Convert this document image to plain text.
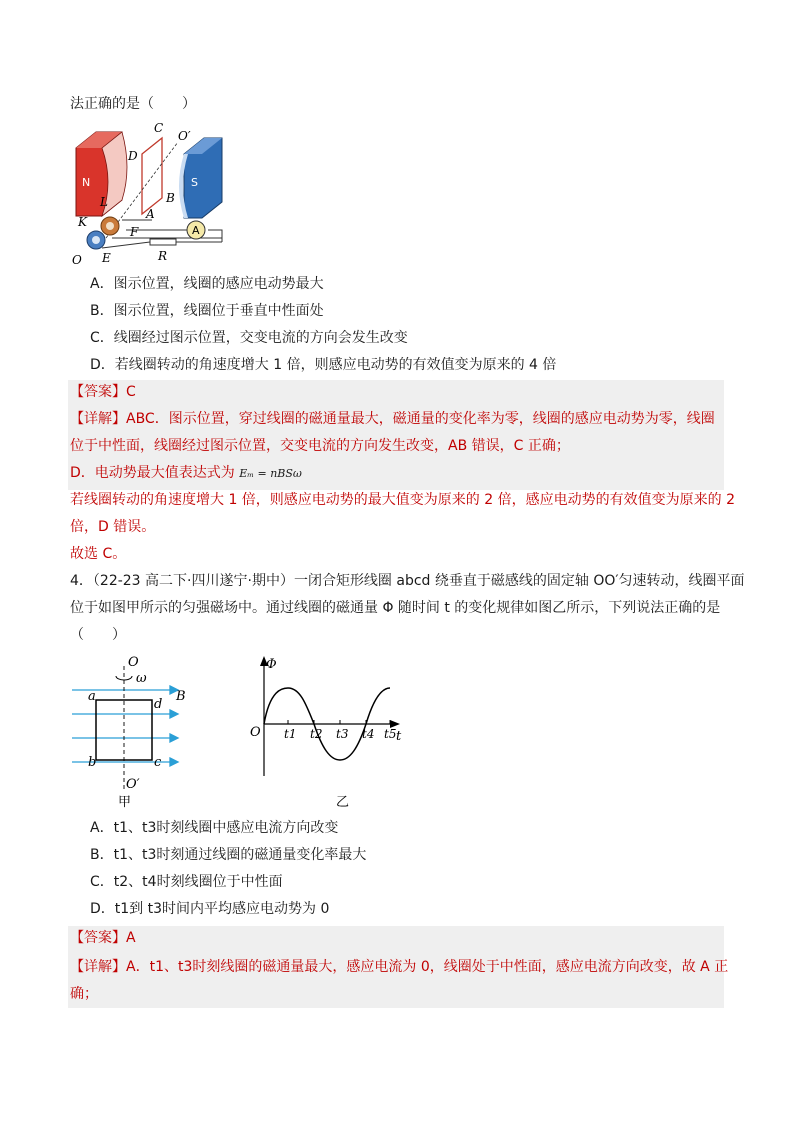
法正确的是（　　）
C
O′
D
N	S
B
L
K
A
F	A
O E	R
A．图示位置，线圈的感应电动势最大
B．图示位置，线圈位于垂直中性面处
C．线圈经过图示位置，交变电流的方向会发生改变
D．若线圈转动的角速度增大 1 倍，则感应电动势的有效值变为原来的 4 倍
【答案】C
【详解】ABC．图示位置，穿过线圈的磁通量最大，磁通量的变化率为零，线圈的感应电动势为零，线圈
位于中性面，线圈经过图示位置，交变电流的方向发生改变，AB 错误，C 正确；
D．电动势最大值表达式为 Eₘ = nBSω
若线圈转动的角速度增大 1 倍，则感应电动势的最大值变为原来的 2 倍，感应电动势的有效值变为原来的 2
倍，D 错误。
故选 C。
4．（22-23 高二下·四川遂宁·期中）一闭合矩形线圈 abcd 绕垂直于磁感线的固定轴 OO′匀速转动，线圈平面
位于如图甲所示的匀强磁场中。通过线圈的磁通量 Φ 随时间 t 的变化规律如图乙所示，下列说法正确的是
（　　）
O
ω
a
d
b	c
B
O′
甲
Φ
O	t
t1 t2 t3 t4 t5
乙
A．t1、t3时刻线圈中感应电流方向改变
B．t1、t3时刻通过线圈的磁通量变化率最大
C．t2、t4时刻线圈位于中性面
D．t1到 t3时间内平均感应电动势为 0
【答案】A
【详解】A．t1、t3时刻线圈的磁通量最大，感应电流为 0，线圈处于中性面，感应电流方向改变，故 A 正
确；
